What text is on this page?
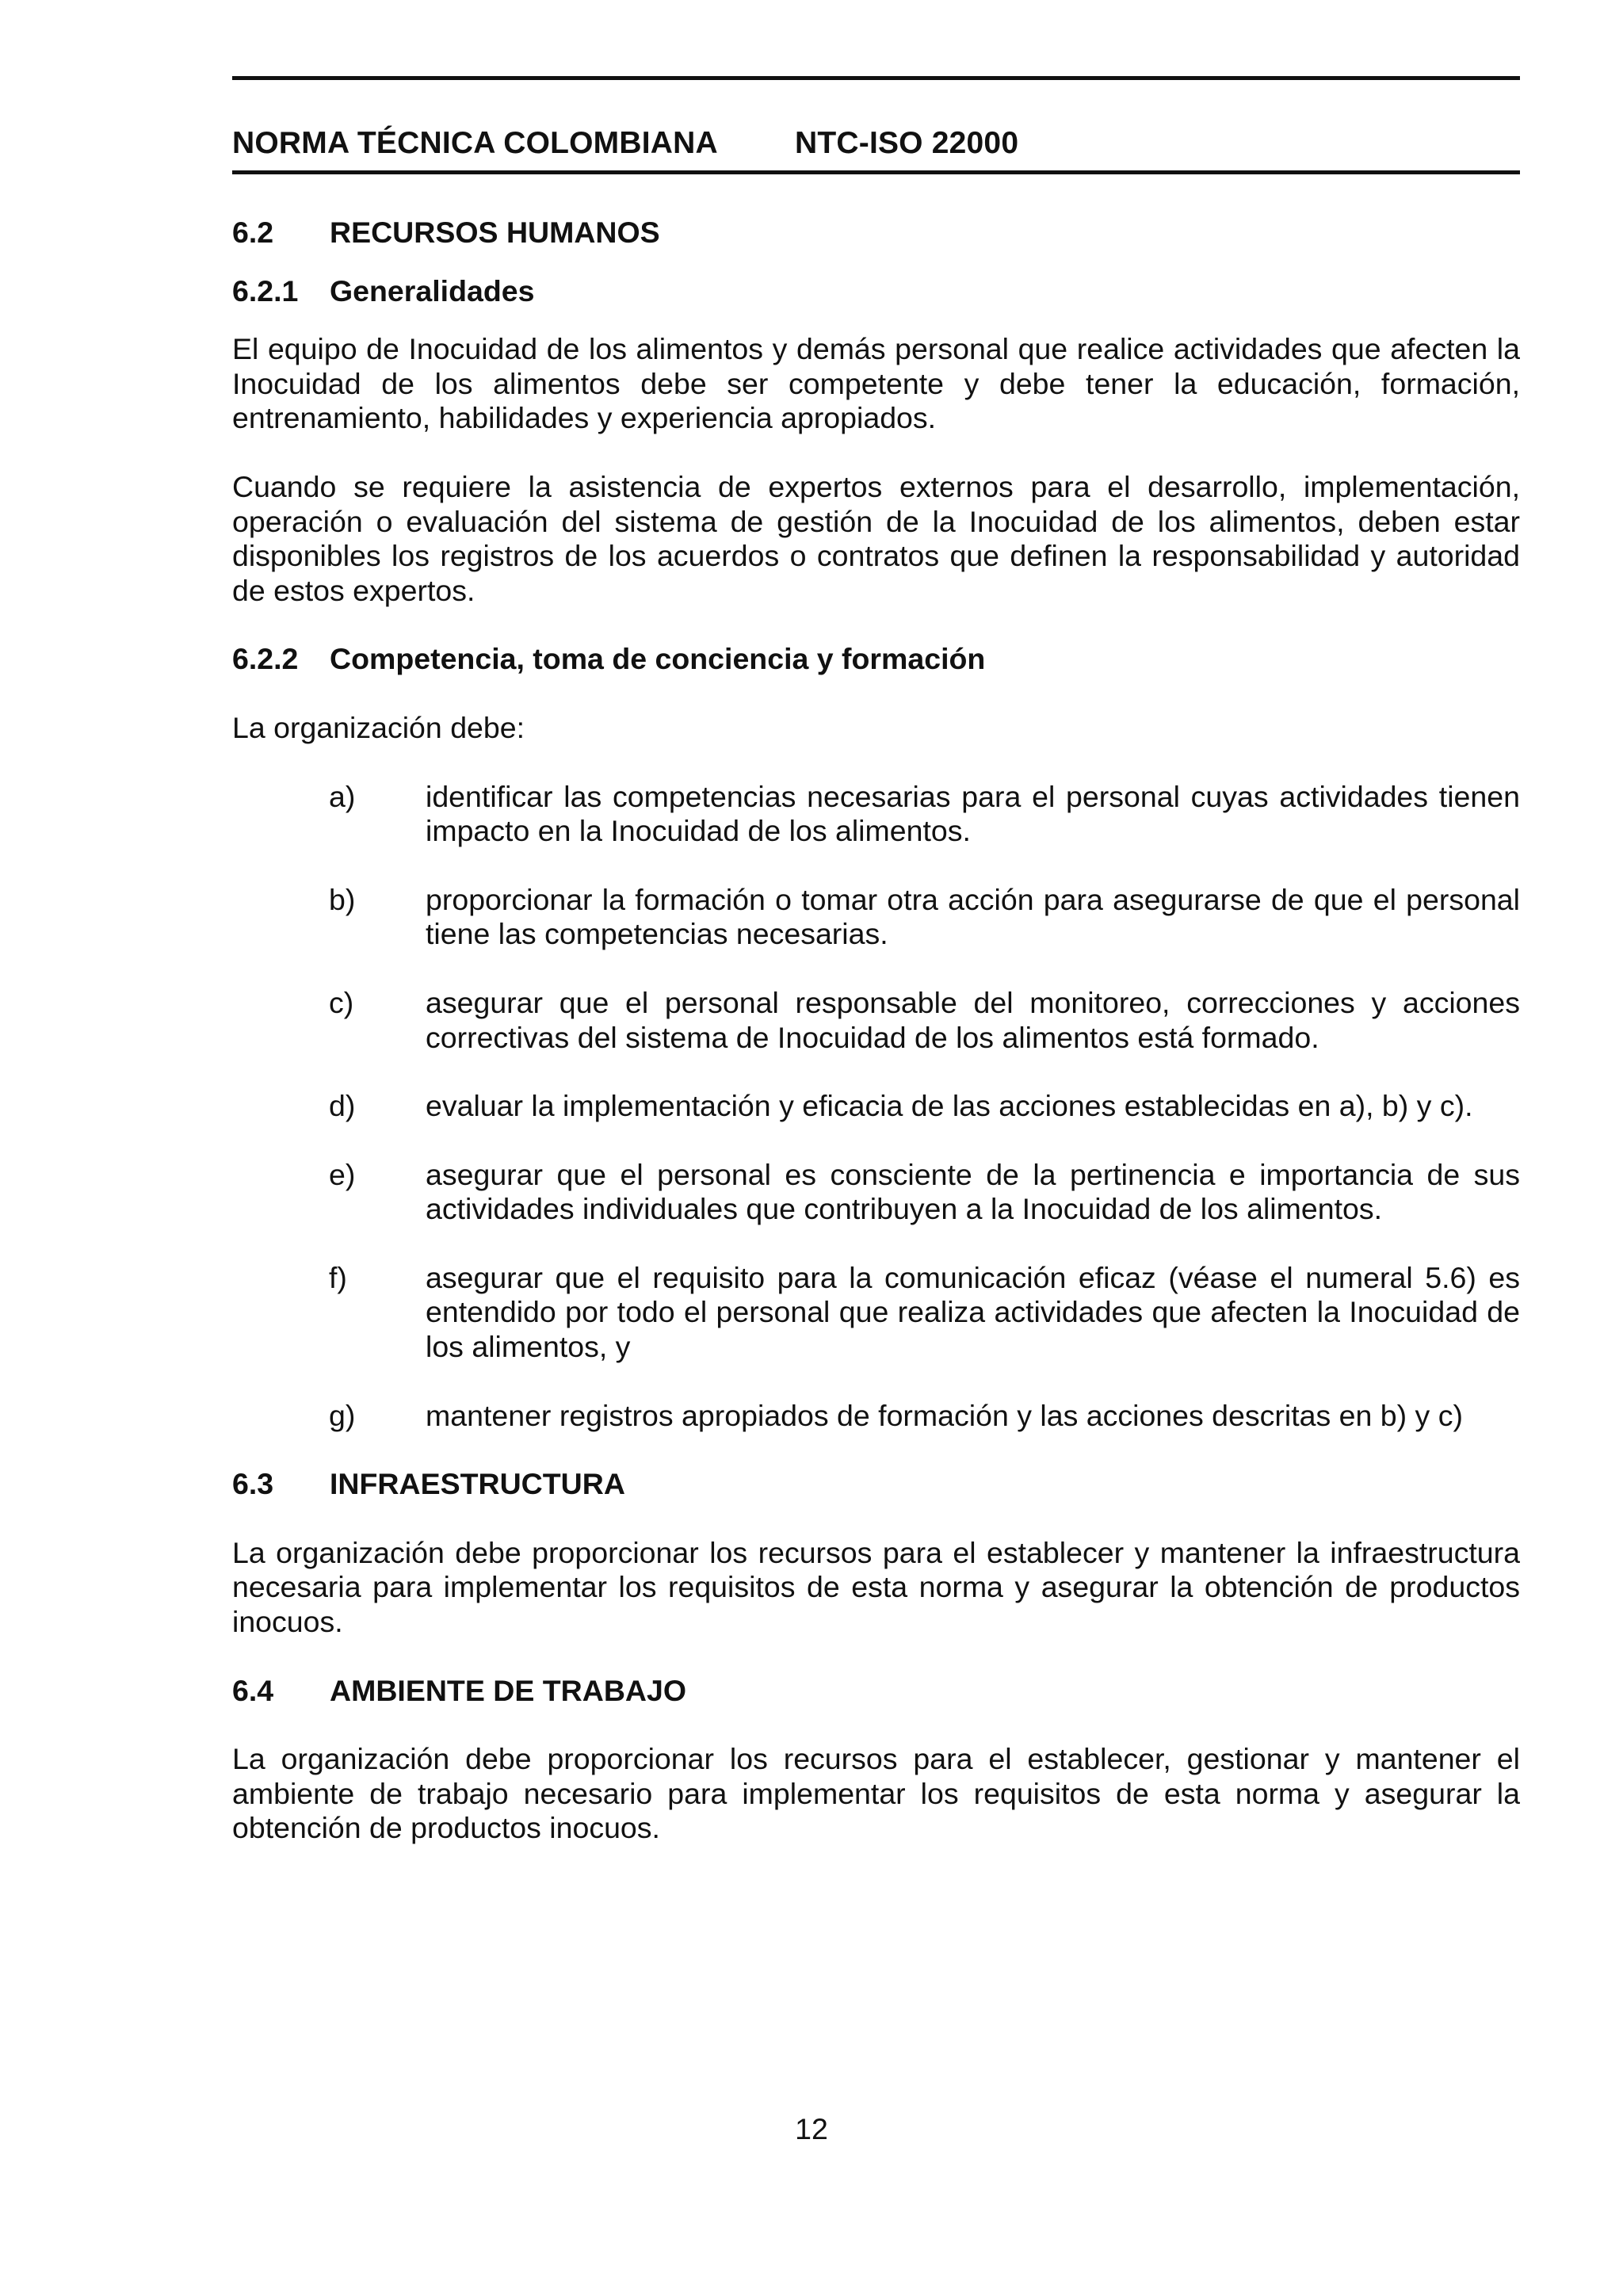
NORMA TÉCNICA COLOMBIANA	NTC-ISO 22000
6.2	RECURSOS HUMANOS
6.2.1	Generalidades

El equipo de Inocuidad de los alimentos y demás personal que realice actividades que afecten la Inocuidad de los alimentos debe ser competente y debe tener la educación, formación, entrenamiento, habilidades y experiencia apropiados.

Cuando se requiere la asistencia de expertos externos para el desarrollo, implementación, operación o evaluación del sistema de gestión de la Inocuidad de los alimentos, deben estar disponibles los registros de los acuerdos o contratos que definen la responsabilidad y autoridad de estos expertos.

6.2.2	Competencia, toma de conciencia y formación

La organización debe:

a)	identificar las competencias necesarias para el personal cuyas actividades tienen impacto en la Inocuidad de los alimentos.
b)	proporcionar la formación o tomar otra acción para asegurarse de que el personal tiene las competencias necesarias.
c)	asegurar que el personal responsable del monitoreo, correcciones y acciones correctivas del sistema de Inocuidad de los alimentos está formado.
d)	evaluar la implementación y eficacia de las acciones establecidas en a), b) y c).
e)	asegurar que el personal es consciente de la pertinencia e importancia de sus actividades individuales que contribuyen a la Inocuidad de los alimentos.
f)	asegurar que el requisito para la comunicación eficaz (véase el numeral 5.6) es entendido por todo el personal que realiza actividades que afecten la Inocuidad de los alimentos, y
g)	mantener registros apropiados de formación y las acciones descritas en b) y c)
6.3	INFRAESTRUCTURA

La organización debe proporcionar los recursos para el establecer y mantener la infraestructura necesaria para implementar los requisitos de esta norma y asegurar la obtención de productos inocuos.

6.4	AMBIENTE DE TRABAJO

La organización debe proporcionar los recursos para el establecer, gestionar y mantener el ambiente de trabajo necesario para implementar los requisitos de esta norma y asegurar la obtención de productos inocuos.

12
